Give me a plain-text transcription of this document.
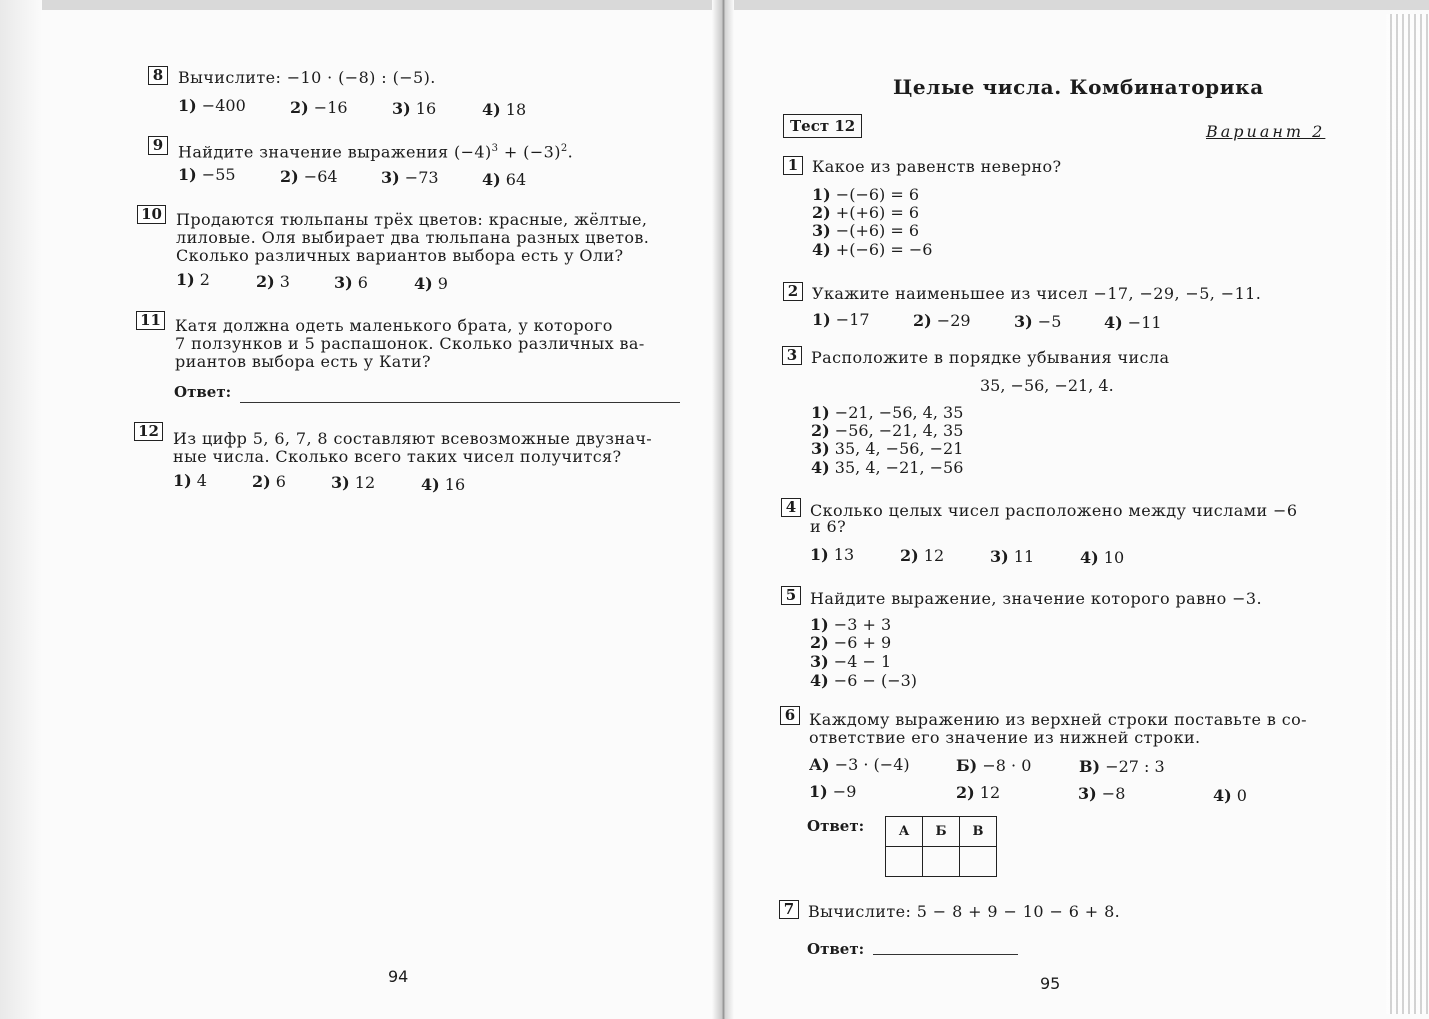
8 Вычислите: −10 · (−8) : (−5).
1) −400	2) −16	3) 16	4) 18
9 Найдите значение выражения $(-4)^3 + (-3)^2$.
1) −55	2) −64	3) −73	4) 64
10 Продаются тюльпаны трёх цветов: красные, жёлтые,
лиловые. Оля выбирает два тюльпана разных цветов.
Сколько различных вариантов выбора есть у Оли?
1) 2	2) 3	3) 6	4) 9
11 Катя должна одеть маленького брата, у которого
7 ползунков и 5 распашонок. Сколько различных ва-
риантов выбора есть у Кати?
Ответ:
12 Из цифр 5, 6, 7, 8 составляют всевозможные двузнач-
ные числа. Сколько всего таких чисел получится?
1) 4	2) 6	3) 12	4) 16
94
Целые числа. Комбинаторика
Тест 12	Вариант 2
1 Какое из равенств неверно?
1) −(−6) = 6
2) +(+6) = 6
3) −(+6) = 6
4) +(−6) = −6
2 Укажите наименьшее из чисел −17, −29, −5, −11.
1) −17	2) −29	3) −5	4) −11
3 Расположите в порядке убывания числа
35, −56, −21, 4.
1) −21, −56, 4, 35
2) −56, −21, 4, 35
3) 35, 4, −56, −21
4) 35, 4, −21, −56
4 Сколько целых чисел расположено между числами −6
и 6?
1) 13	2) 12	3) 11	4) 10
5 Найдите выражение, значение которого равно −3.
1) −3 + 3
2) −6 + 9
3) −4 − 1
4) −6 − (−3)
6 Каждому выражению из верхней строки поставьте в со-
ответствие его значение из нижней строки.
А) −3 · (−4)	Б) −8 · 0	В) −27 : 3
1) −9	2) 12	3) −8	4) 0
Ответ:	А	Б	В

7 Вычислите: 5 − 8 + 9 − 10 − 6 + 8.
Ответ:
95
